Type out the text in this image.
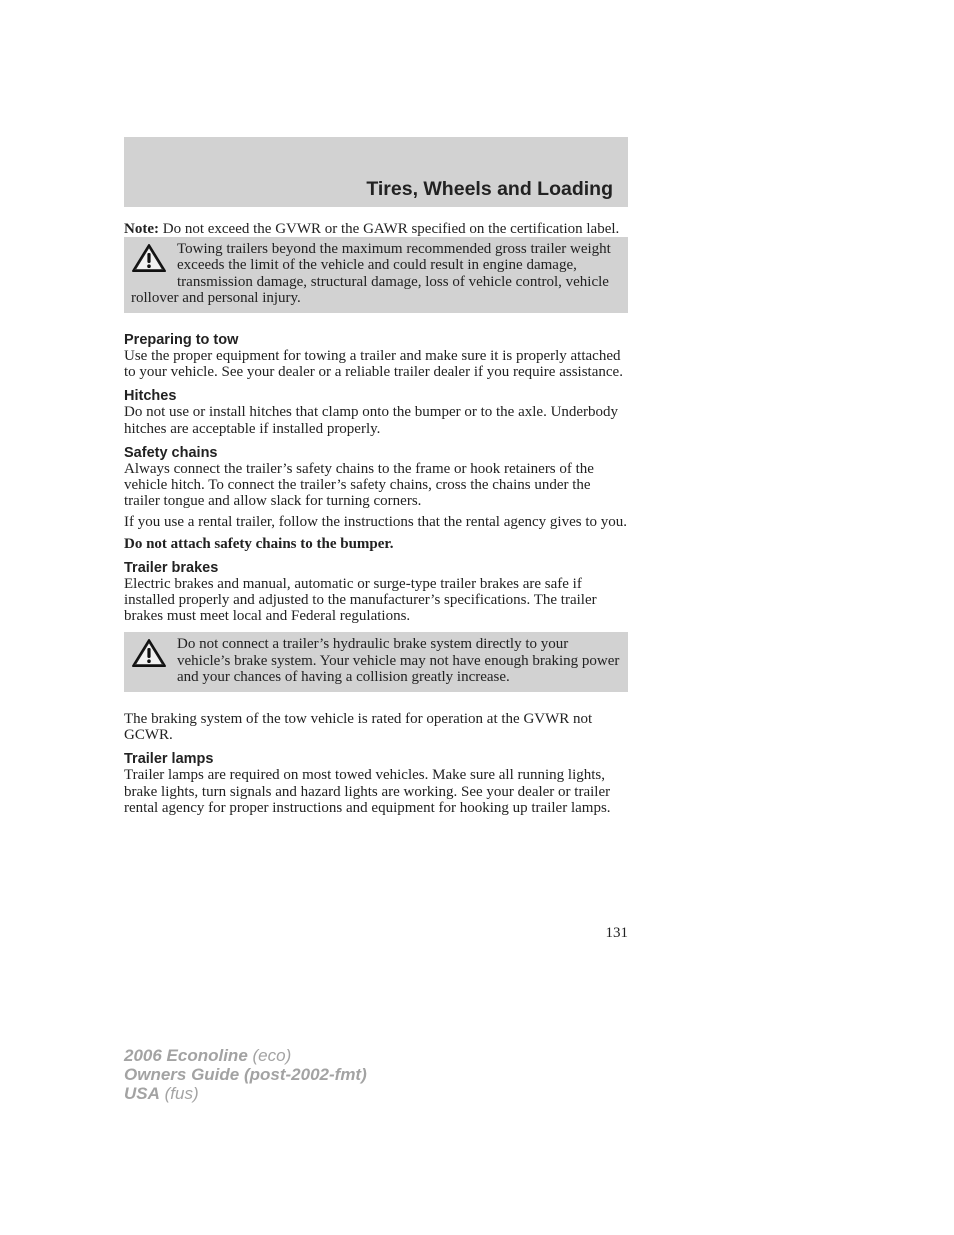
Tires, Wheels and Loading

Note: Do not exceed the GVWR or the GAWR specified on the certification label.

Towing trailers beyond the maximum recommended gross trailer weight exceeds the limit of the vehicle and could result in engine damage, transmission damage, structural damage, loss of vehicle control, vehicle rollover and personal injury.

Preparing to tow

Use the proper equipment for towing a trailer and make sure it is properly attached to your vehicle. See your dealer or a reliable trailer dealer if you require assistance.

Hitches

Do not use or install hitches that clamp onto the bumper or to the axle. Underbody hitches are acceptable if installed properly.

Safety chains

Always connect the trailer’s safety chains to the frame or hook retainers of the vehicle hitch. To connect the trailer’s safety chains, cross the chains under the trailer tongue and allow slack for turning corners.

If you use a rental trailer, follow the instructions that the rental agency gives to you.

Do not attach safety chains to the bumper.

Trailer brakes

Electric brakes and manual, automatic or surge-type trailer brakes are safe if installed properly and adjusted to the manufacturer’s specifications. The trailer brakes must meet local and Federal regulations.

Do not connect a trailer’s hydraulic brake system directly to your vehicle’s brake system. Your vehicle may not have enough braking power and your chances of having a collision greatly increase.

The braking system of the tow vehicle is rated for operation at the GVWR not GCWR.

Trailer lamps

Trailer lamps are required on most towed vehicles. Make sure all running lights, brake lights, turn signals and hazard lights are working. See your dealer or trailer rental agency for proper instructions and equipment for hooking up trailer lamps.

131
2006 Econoline (eco)
Owners Guide (post-2002-fmt)
USA (fus)
